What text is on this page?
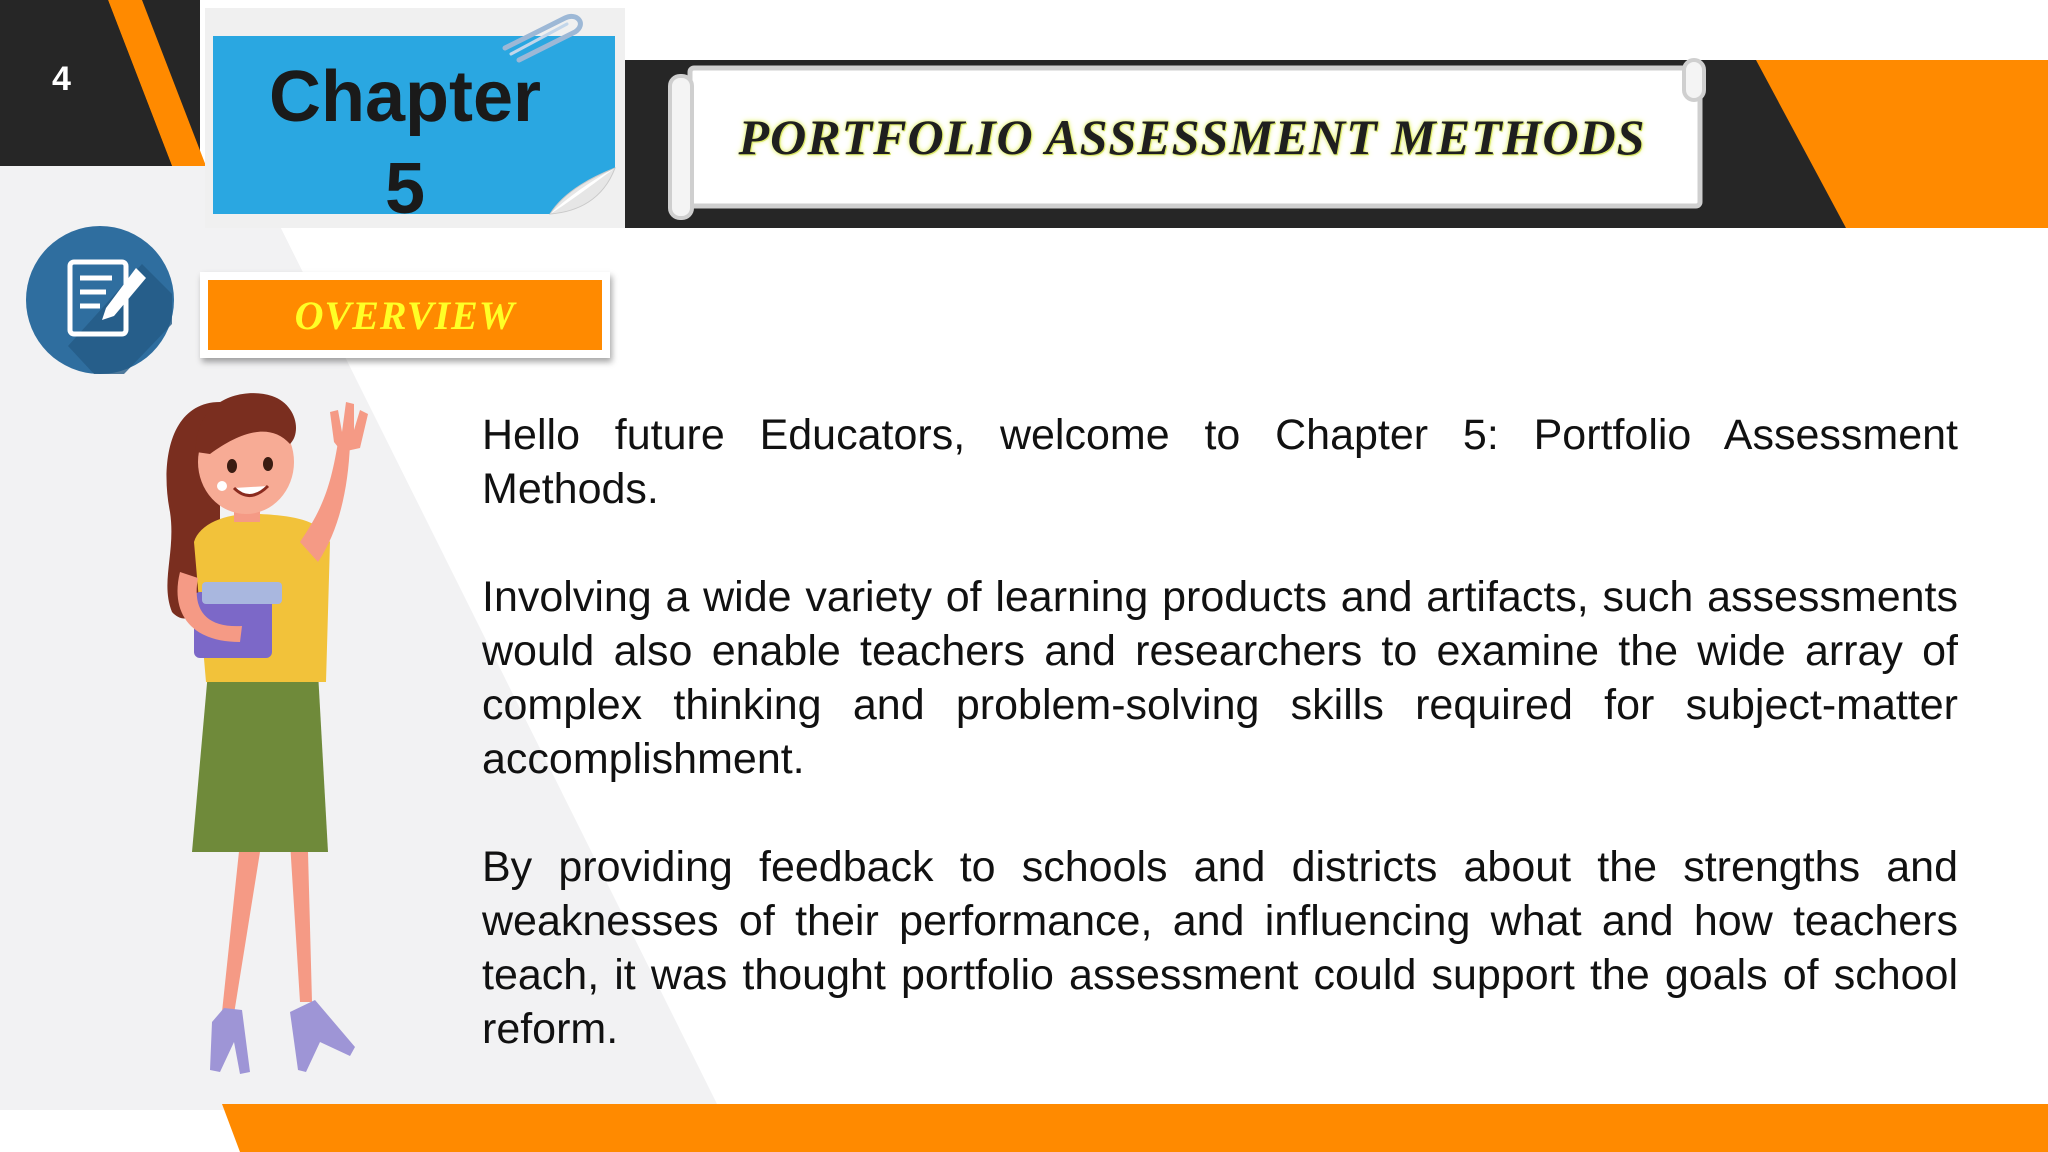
4	Chapter
5
PORTFOLIO ASSESSMENT METHODS
OVERVIEW

Hello future Educators, welcome to Chapter 5: Portfolio Assessment Methods.

Involving a wide variety of learning products and artifacts, such assessments would also enable teachers and researchers to examine the wide array of complex thinking and problem-solving skills required for subject-matter accomplishment.

By providing feedback to schools and districts about the strengths and weaknesses of their performance, and influencing what and how teachers teach, it was thought portfolio assessment could support the goals of school reform.
